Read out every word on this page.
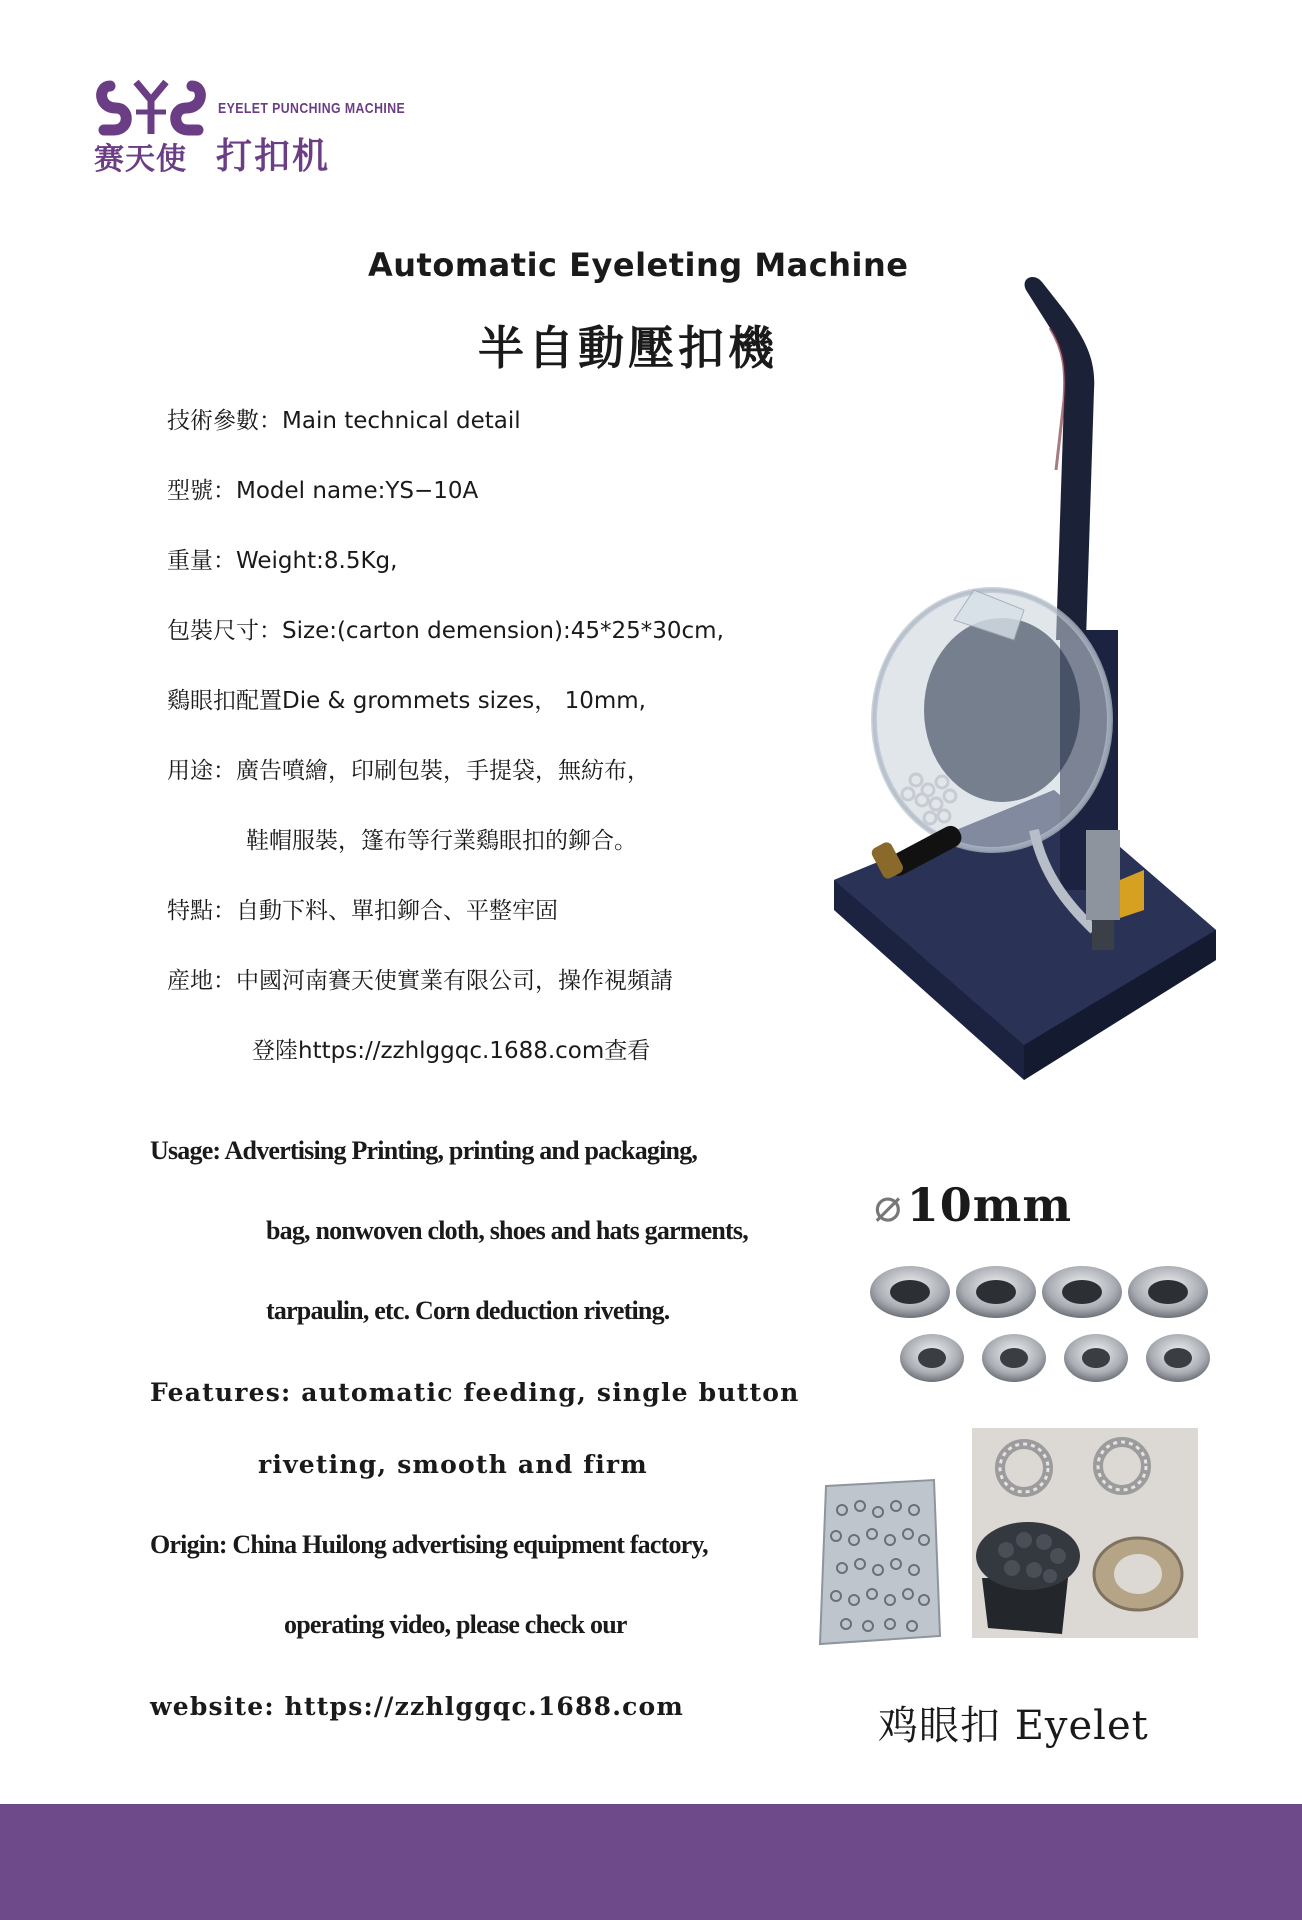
赛天使
EYELET PUNCHING MACHINE
打扣机
Automatic Eyeleting Machine
半自動壓扣機
技術參數：Main technical detail
型號：Model name:YS−10A
重量：Weight:8.5Kg,
包裝尺寸：Size:(carton demension):45*25*30cm,
鷄眼扣配置Die & grommets sizes， 10mm,
用途：廣告噴繪，印刷包裝，手提袋，無紡布，
鞋帽服裝，篷布等行業鷄眼扣的鉚合。
特點：自動下料、單扣鉚合、平整牢固
産地：中國河南賽天使實業有限公司，操作視頻請
登陸https://zzhlggqc.1688.com查看
Usage: Advertising Printing, printing and packaging,
bag, nonwoven cloth, shoes and hats garments,
tarpaulin, etc. Corn deduction riveting.
Features: automatic feeding, single button
riveting, smooth and firm
Origin: China Huilong advertising equipment factory,
operating video, please check our
website: https://zzhlggqc.1688.com
⌀10mm
鸡眼扣 Eyelet
